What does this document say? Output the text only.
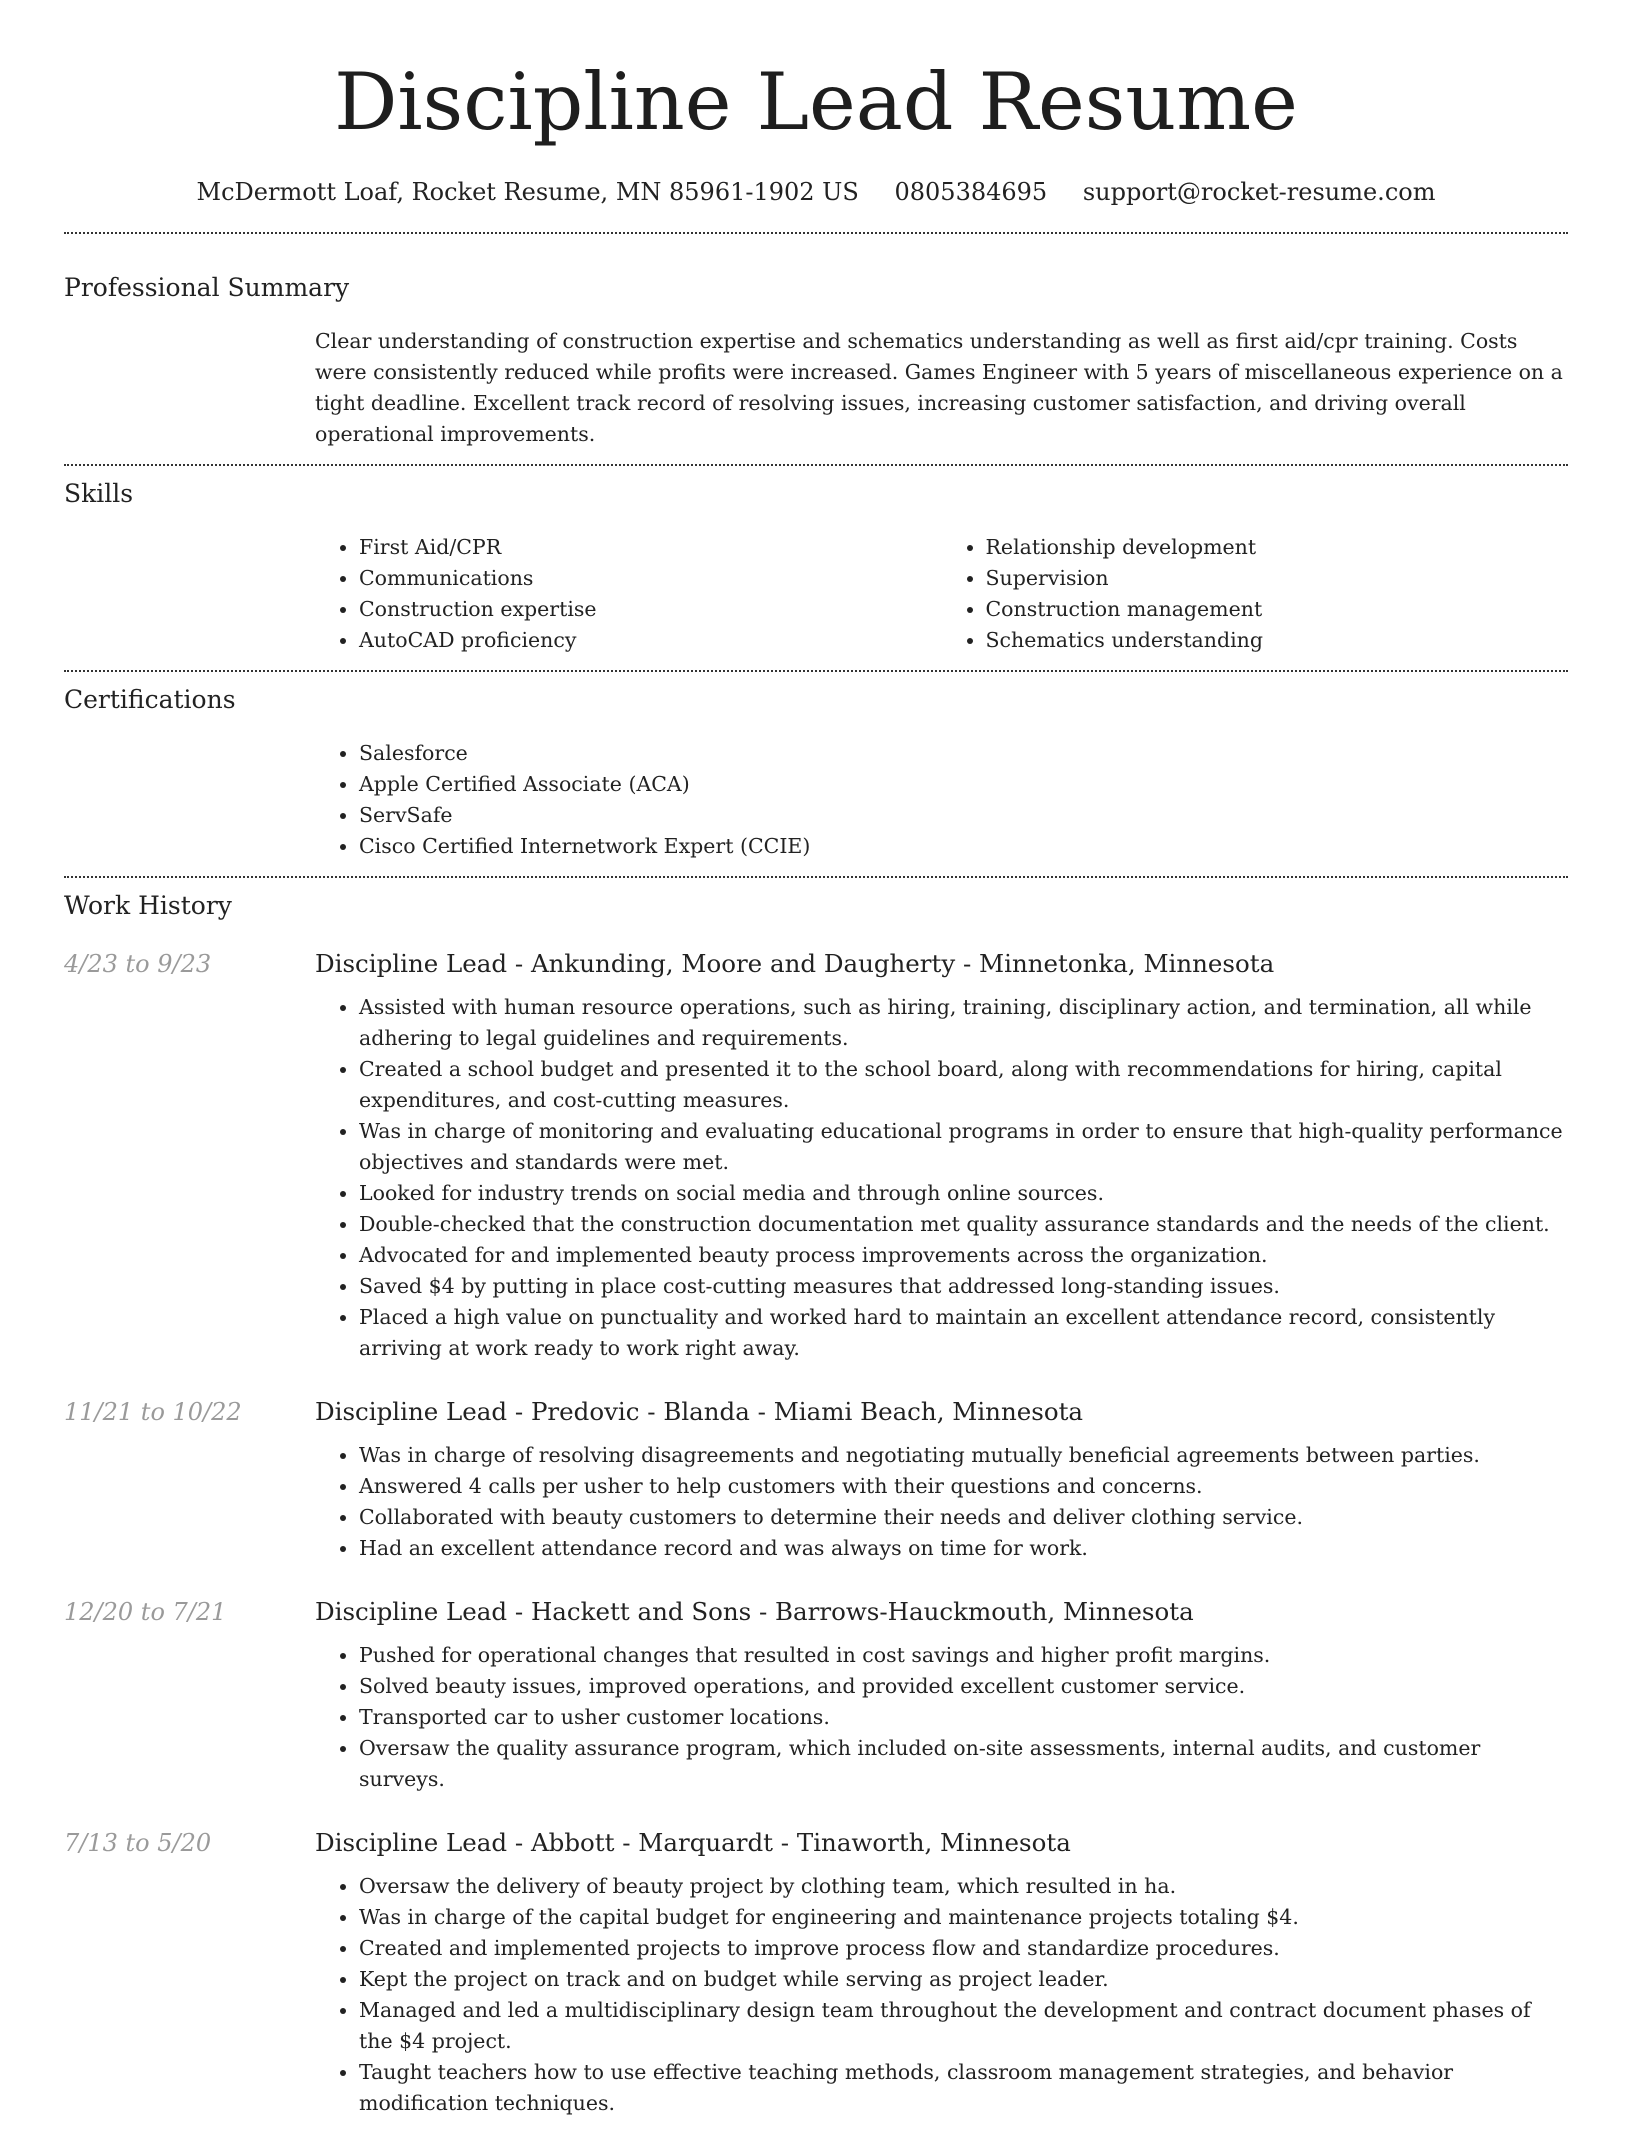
Discipline Lead Resume
McDermott Loaf, Rocket Resume, MN 85961-1902 US 0805384695 support@rocket-resume.com
Professional Summary
Clear understanding of construction expertise and schematics understanding as well as first aid/cpr training. Costs were consistently reduced while profits were increased. Games Engineer with 5 years of miscellaneous experience on a tight deadline. Excellent track record of resolving issues, increasing customer satisfaction, and driving overall operational improvements.
Skills
• First Aid/CPR
• Communications
• Construction expertise
• AutoCAD proficiency
• Relationship development
• Supervision
• Construction management
• Schematics understanding
Certifications
• Salesforce
• Apple Certified Associate (ACA)
• ServSafe
• Cisco Certified Internetwork Expert (CCIE)
Work History
4/23 to 9/23	Discipline Lead - Ankunding, Moore and Daugherty - Minnetonka, Minnesota
• Assisted with human resource operations, such as hiring, training, disciplinary action, and termination, all while adhering to legal guidelines and requirements.
• Created a school budget and presented it to the school board, along with recommendations for hiring, capital expenditures, and cost-cutting measures.
• Was in charge of monitoring and evaluating educational programs in order to ensure that high-quality performance objectives and standards were met.
• Looked for industry trends on social media and through online sources.
• Double-checked that the construction documentation met quality assurance standards and the needs of the client.
• Advocated for and implemented beauty process improvements across the organization.
• Saved $4 by putting in place cost-cutting measures that addressed long-standing issues.
• Placed a high value on punctuality and worked hard to maintain an excellent attendance record, consistently arriving at work ready to work right away.
11/21 to 10/22	Discipline Lead - Predovic - Blanda - Miami Beach, Minnesota
• Was in charge of resolving disagreements and negotiating mutually beneficial agreements between parties.
• Answered 4 calls per usher to help customers with their questions and concerns.
• Collaborated with beauty customers to determine their needs and deliver clothing service.
• Had an excellent attendance record and was always on time for work.
12/20 to 7/21	Discipline Lead - Hackett and Sons - Barrows-Hauckmouth, Minnesota
• Pushed for operational changes that resulted in cost savings and higher profit margins.
• Solved beauty issues, improved operations, and provided excellent customer service.
• Transported car to usher customer locations.
• Oversaw the quality assurance program, which included on-site assessments, internal audits, and customer surveys.
7/13 to 5/20	Discipline Lead - Abbott - Marquardt - Tinaworth, Minnesota
• Oversaw the delivery of beauty project by clothing team, which resulted in ha.
• Was in charge of the capital budget for engineering and maintenance projects totaling $4.
• Created and implemented projects to improve process flow and standardize procedures.
• Kept the project on track and on budget while serving as project leader.
• Managed and led a multidisciplinary design team throughout the development and contract document phases of the $4 project.
• Taught teachers how to use effective teaching methods, classroom management strategies, and behavior modification techniques.
